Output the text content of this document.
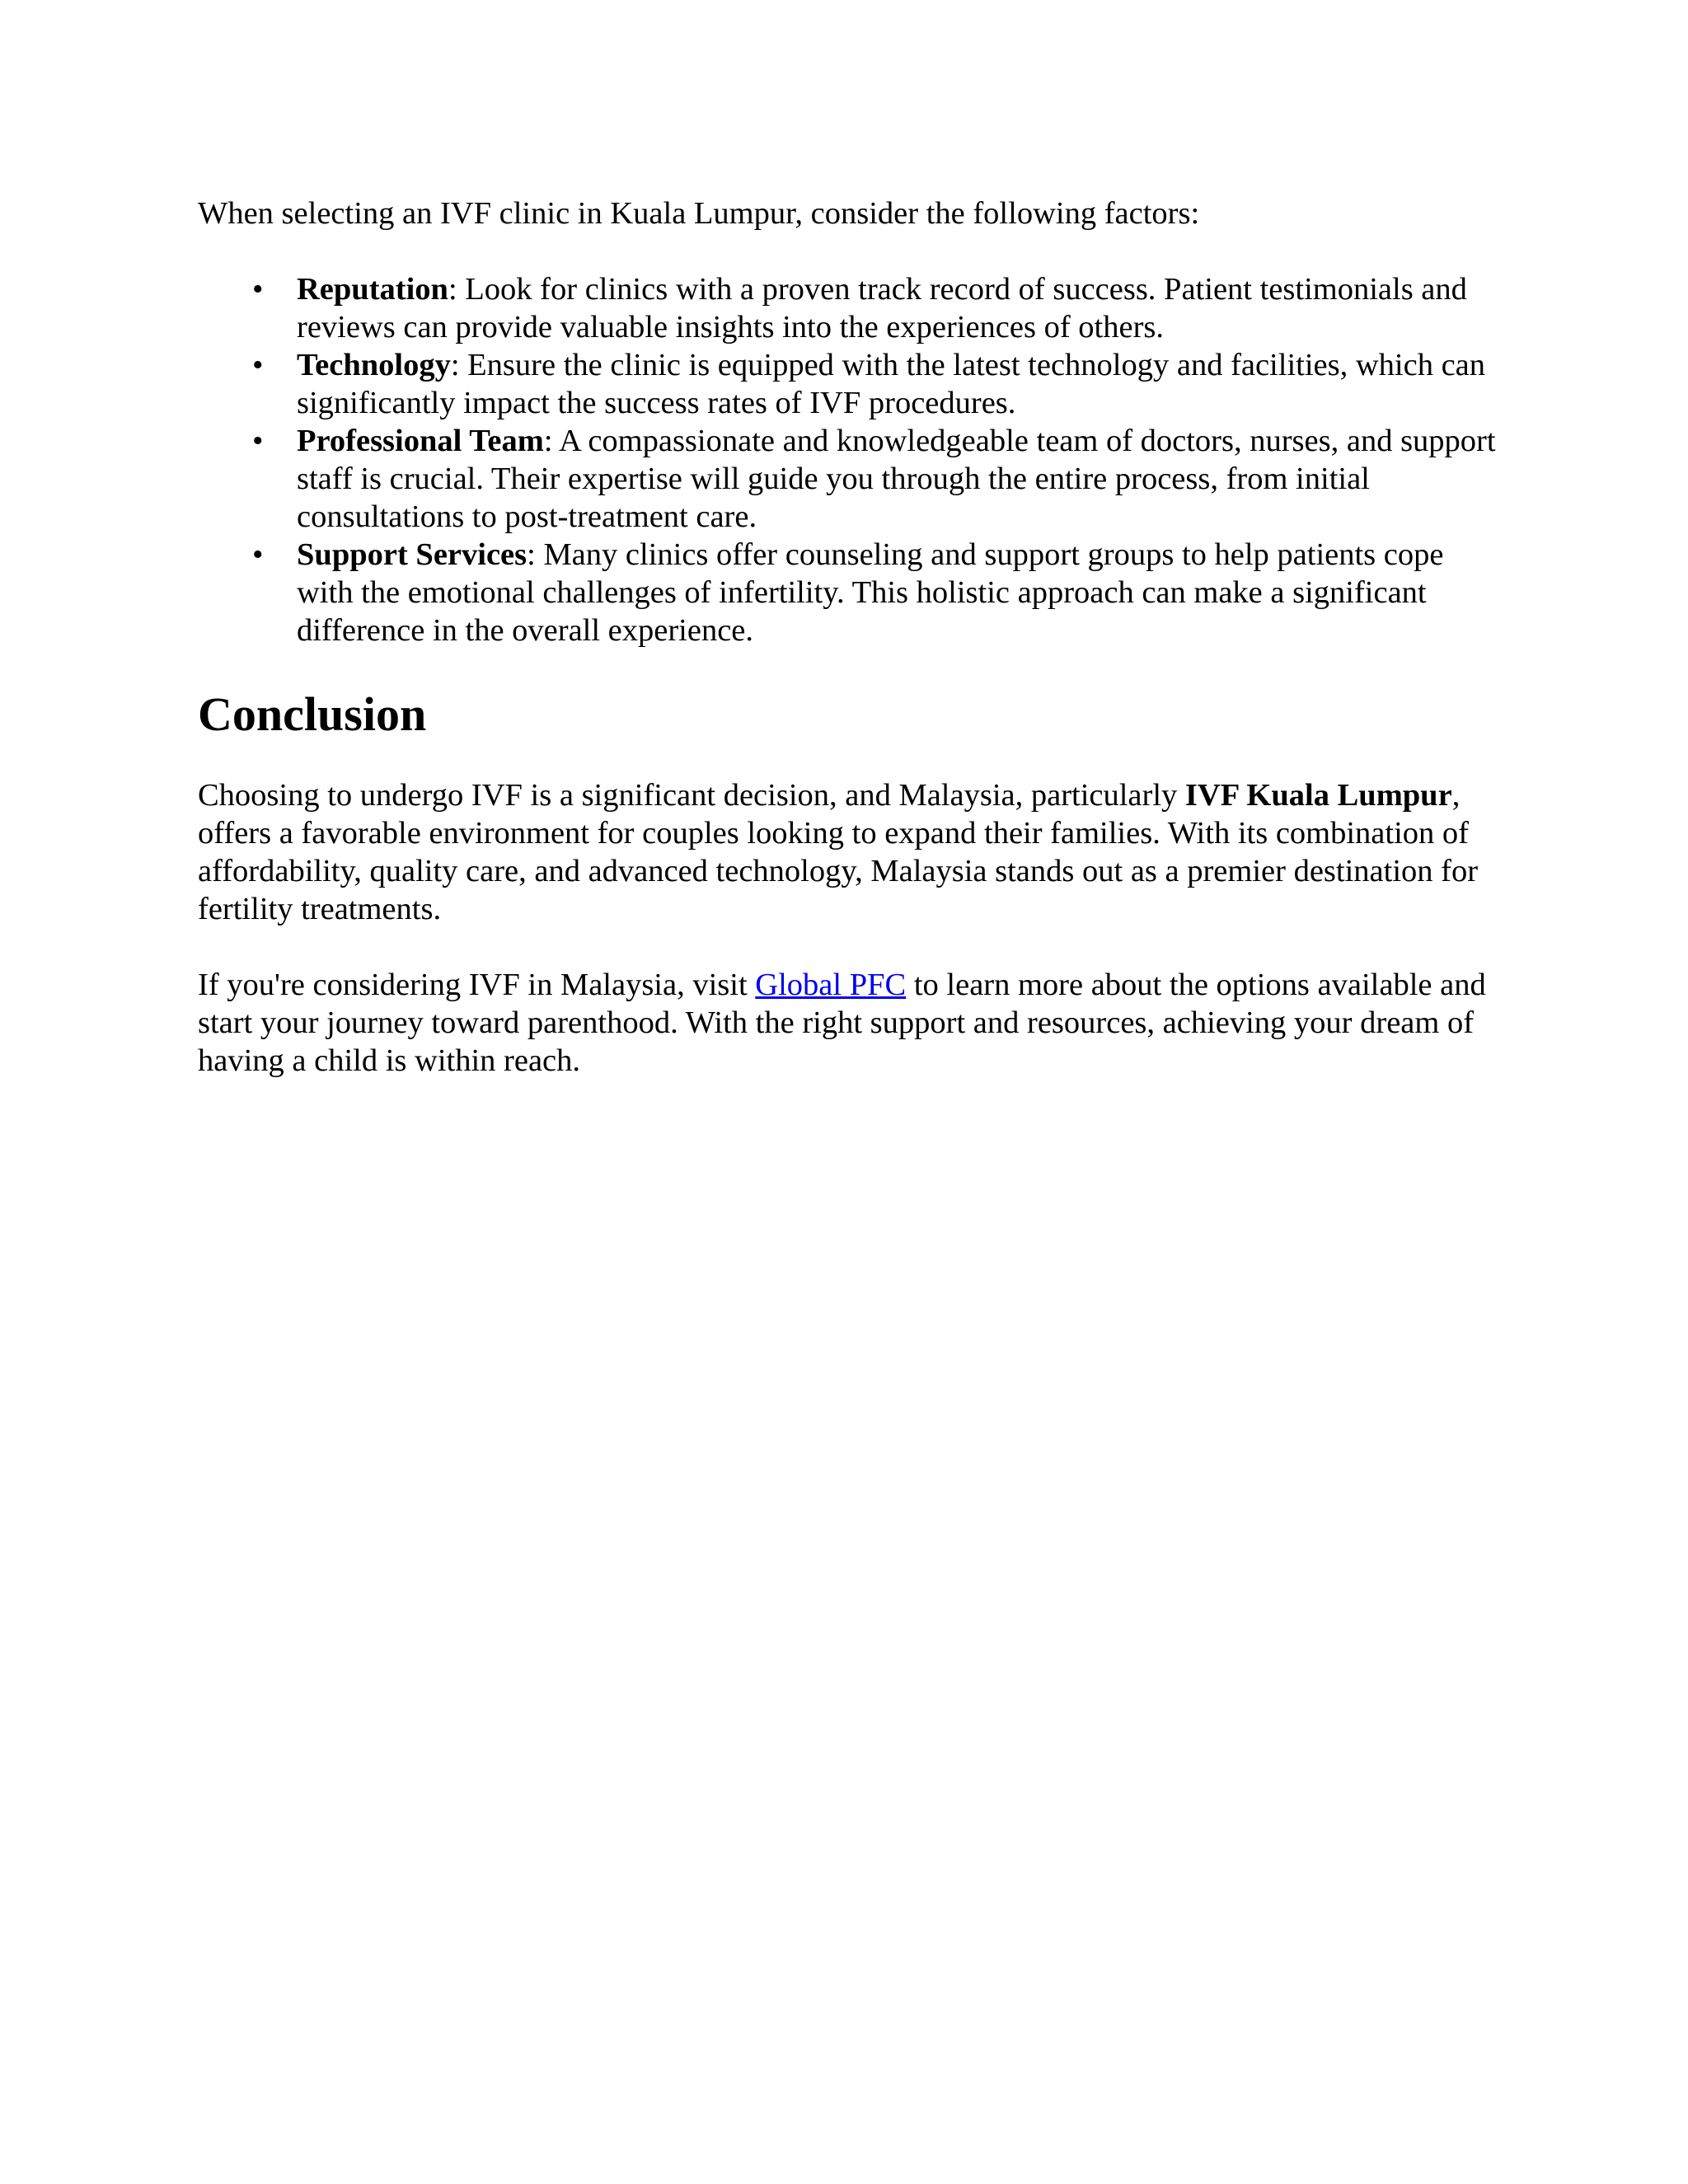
When selecting an IVF clinic in Kuala Lumpur, consider the following factors:

• Reputation: Look for clinics with a proven track record of success. Patient testimonials and reviews can provide valuable insights into the experiences of others.
• Technology: Ensure the clinic is equipped with the latest technology and facilities, which can significantly impact the success rates of IVF procedures.
• Professional Team: A compassionate and knowledgeable team of doctors, nurses, and support staff is crucial. Their expertise will guide you through the entire process, from initial consultations to post-treatment care.
• Support Services: Many clinics offer counseling and support groups to help patients cope with the emotional challenges of infertility. This holistic approach can make a significant difference in the overall experience.
Conclusion

Choosing to undergo IVF is a significant decision, and Malaysia, particularly IVF Kuala Lumpur, offers a favorable environment for couples looking to expand their families. With its combination of affordability, quality care, and advanced technology, Malaysia stands out as a premier destination for fertility treatments.

If you're considering IVF in Malaysia, visit Global PFC to learn more about the options available and start your journey toward parenthood. With the right support and resources, achieving your dream of having a child is within reach.
